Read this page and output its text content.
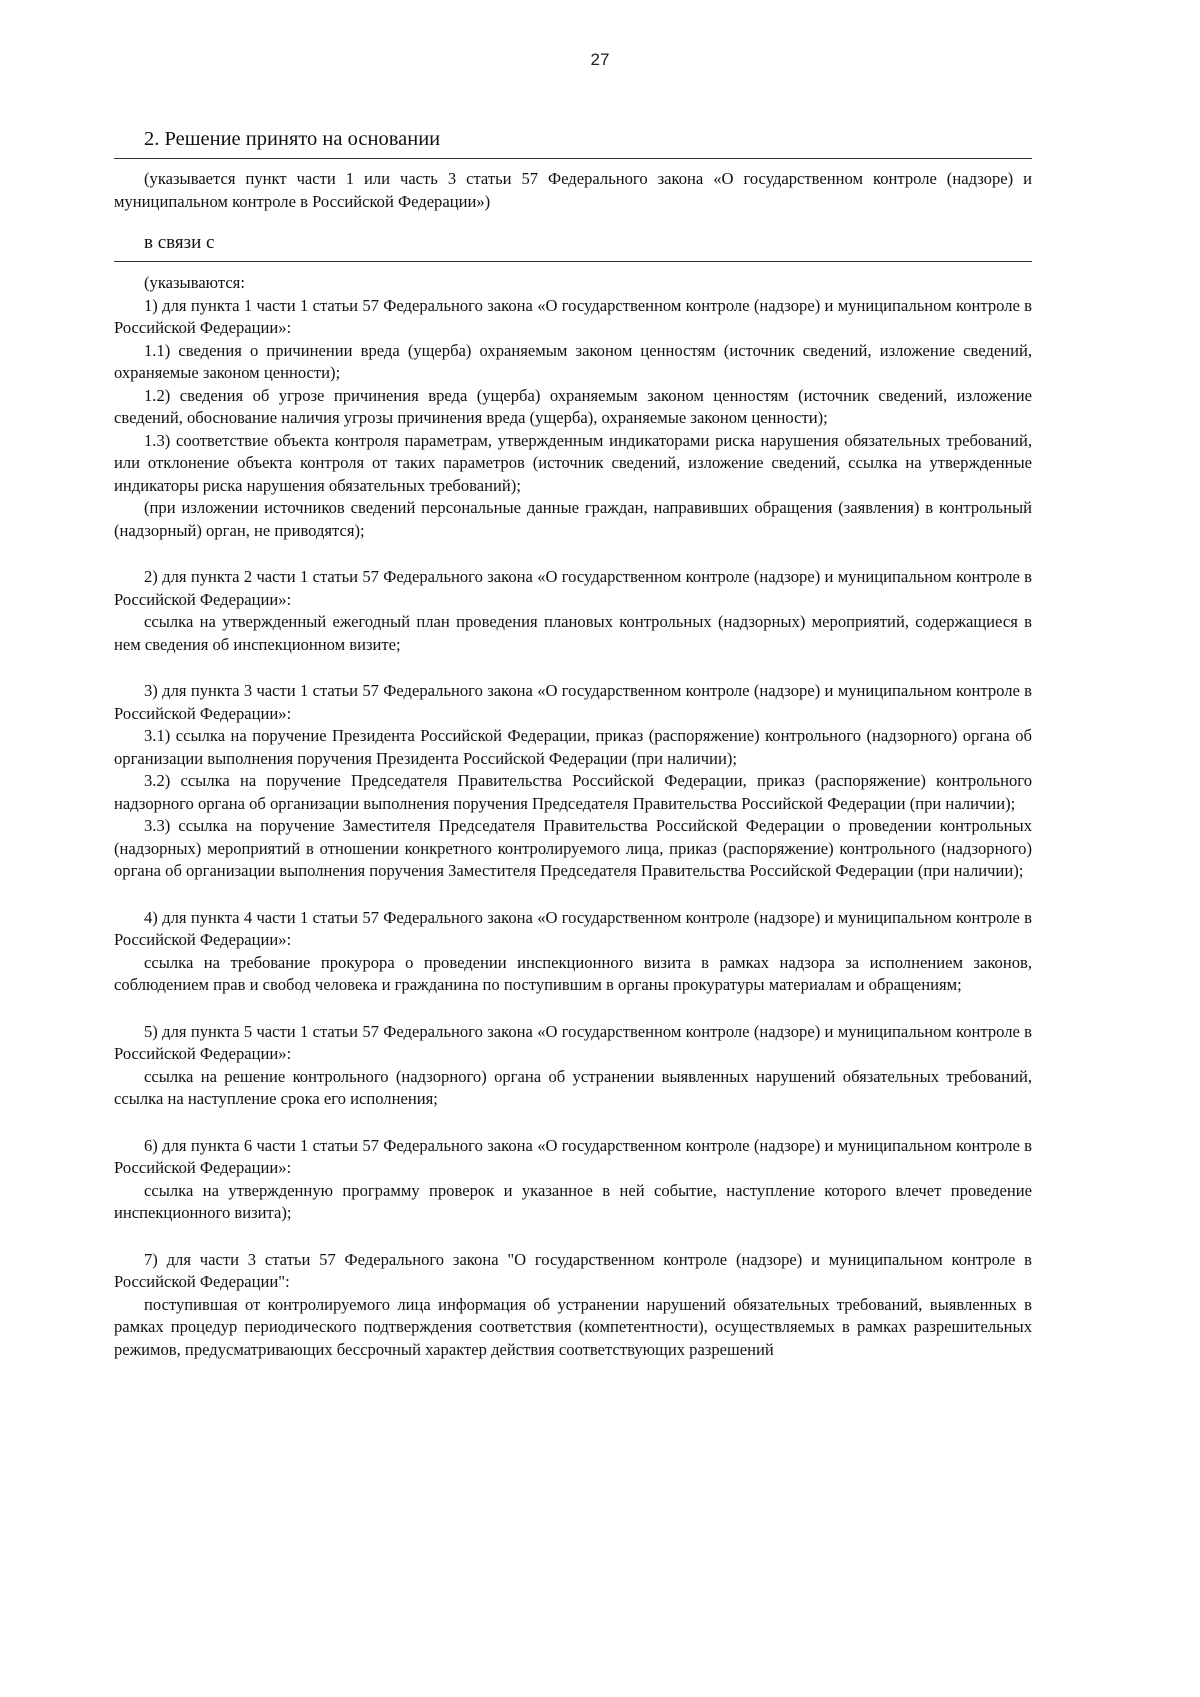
27

2. Решение принято на основании

(указывается пункт части 1 или часть 3 статьи 57 Федерального закона «О государственном контроле (надзоре) и муниципальном контроле в Российской Федерации»)

в связи с

(указываются:

1) для пункта 1 части 1 статьи 57 Федерального закона «О государственном контроле (надзоре) и муниципальном контроле в Российской Федерации»:

1.1) сведения о причинении вреда (ущерба) охраняемым законом ценностям (источник сведений, изложение сведений, охраняемые законом ценности);

1.2) сведения об угрозе причинения вреда (ущерба) охраняемым законом ценностям (источник сведений, изложение сведений, обоснование наличия угрозы причинения вреда (ущерба), охраняемые законом ценности);

1.3) соответствие объекта контроля параметрам, утвержденным индикаторами риска нарушения обязательных требований, или отклонение объекта контроля от таких параметров (источник сведений, изложение сведений, ссылка на утвержденные индикаторы риска нарушения обязательных требований);

(при изложении источников сведений персональные данные граждан, направивших обращения (заявления) в контрольный (надзорный) орган, не приводятся);

2) для пункта 2 части 1 статьи 57 Федерального закона «О государственном контроле (надзоре) и муниципальном контроле в Российской Федерации»:

ссылка на утвержденный ежегодный план проведения плановых контрольных (надзорных) мероприятий, содержащиеся в нем сведения об инспекционном визите;

3) для пункта 3 части 1 статьи 57 Федерального закона «О государственном контроле (надзоре) и муниципальном контроле в Российской Федерации»:

3.1) ссылка на поручение Президента Российской Федерации, приказ (распоряжение) контрольного (надзорного) органа об организации выполнения поручения Президента Российской Федерации (при наличии);

3.2) ссылка на поручение Председателя Правительства Российской Федерации, приказ (распоряжение) контрольного надзорного органа об организации выполнения поручения Председателя Правительства Российской Федерации (при наличии);

3.3) ссылка на поручение Заместителя Председателя Правительства Российской Федерации о проведении контрольных (надзорных) мероприятий в отношении конкретного контролируемого лица, приказ (распоряжение) контрольного (надзорного) органа об организации выполнения поручения Заместителя Председателя Правительства Российской Федерации (при наличии);

4) для пункта 4 части 1 статьи 57 Федерального закона «О государственном контроле (надзоре) и муниципальном контроле в Российской Федерации»:

ссылка на требование прокурора о проведении инспекционного визита в рамках надзора за исполнением законов, соблюдением прав и свобод человека и гражданина по поступившим в органы прокуратуры материалам и обращениям;

5) для пункта 5 части 1 статьи 57 Федерального закона «О государственном контроле (надзоре) и муниципальном контроле в Российской Федерации»:

ссылка на решение контрольного (надзорного) органа об устранении выявленных нарушений обязательных требований, ссылка на наступление срока его исполнения;

6) для пункта 6 части 1 статьи 57 Федерального закона «О государственном контроле (надзоре) и муниципальном контроле в Российской Федерации»:

ссылка на утвержденную программу проверок и указанное в ней событие, наступление которого влечет проведение инспекционного визита);

7) для части 3 статьи 57 Федерального закона "О государственном контроле (надзоре) и муниципальном контроле в Российской Федерации":

поступившая от контролируемого лица информация об устранении нарушений обязательных требований, выявленных в рамках процедур периодического подтверждения соответствия (компетентности), осуществляемых в рамках разрешительных режимов, предусматривающих бессрочный характер действия соответствующих разрешений
